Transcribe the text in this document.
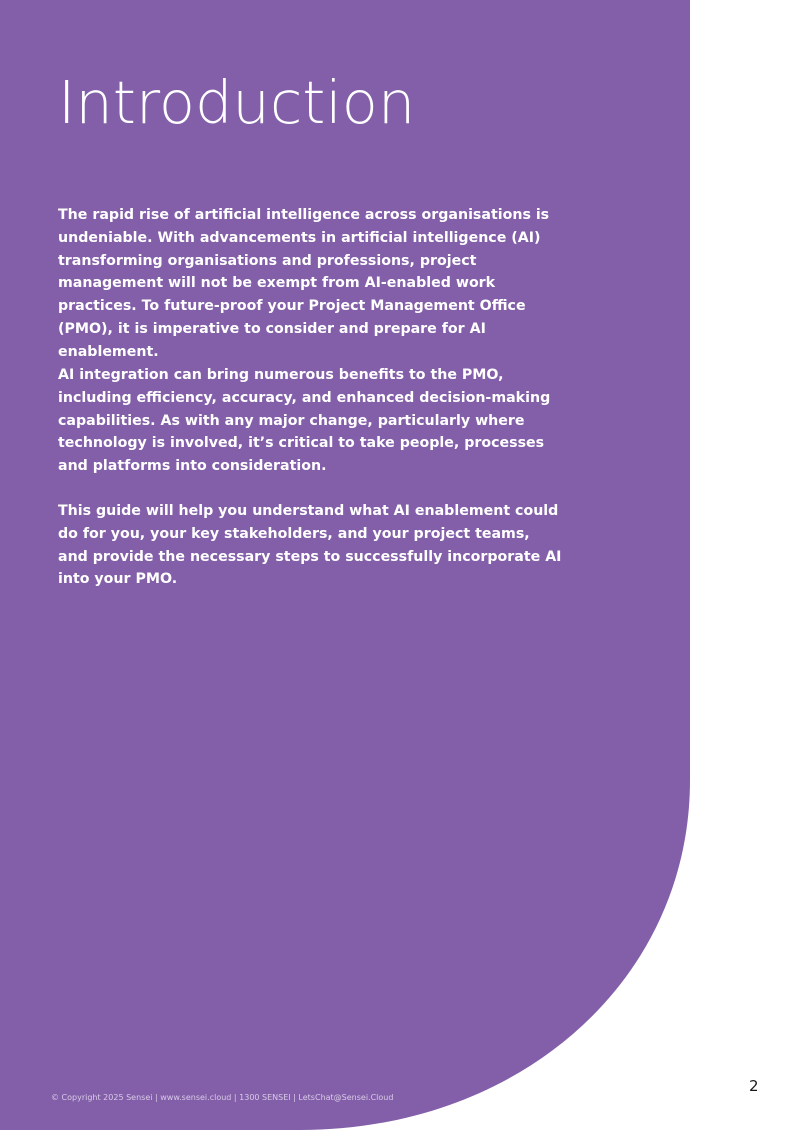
Introduction

The rapid rise of artificial intelligence across organisations is undeniable. With advancements in artificial intelligence (AI) transforming organisations and professions, project management will not be exempt from AI-enabled work practices. To future-proof your Project Management Office (PMO), it is imperative to consider and prepare for AI enablement.

AI integration can bring numerous benefits to the PMO, including efficiency, accuracy, and enhanced decision-making capabilities. As with any major change, particularly where technology is involved, it’s critical to take people, processes and platforms into consideration.

This guide will help you understand what AI enablement could do for you, your key stakeholders, and your project teams, and provide the necessary steps to successfully incorporate AI into your PMO.

© Copyright 2025 Sensei | www.sensei.cloud | 1300 SENSEI | LetsChat@Sensei.Cloud
2
